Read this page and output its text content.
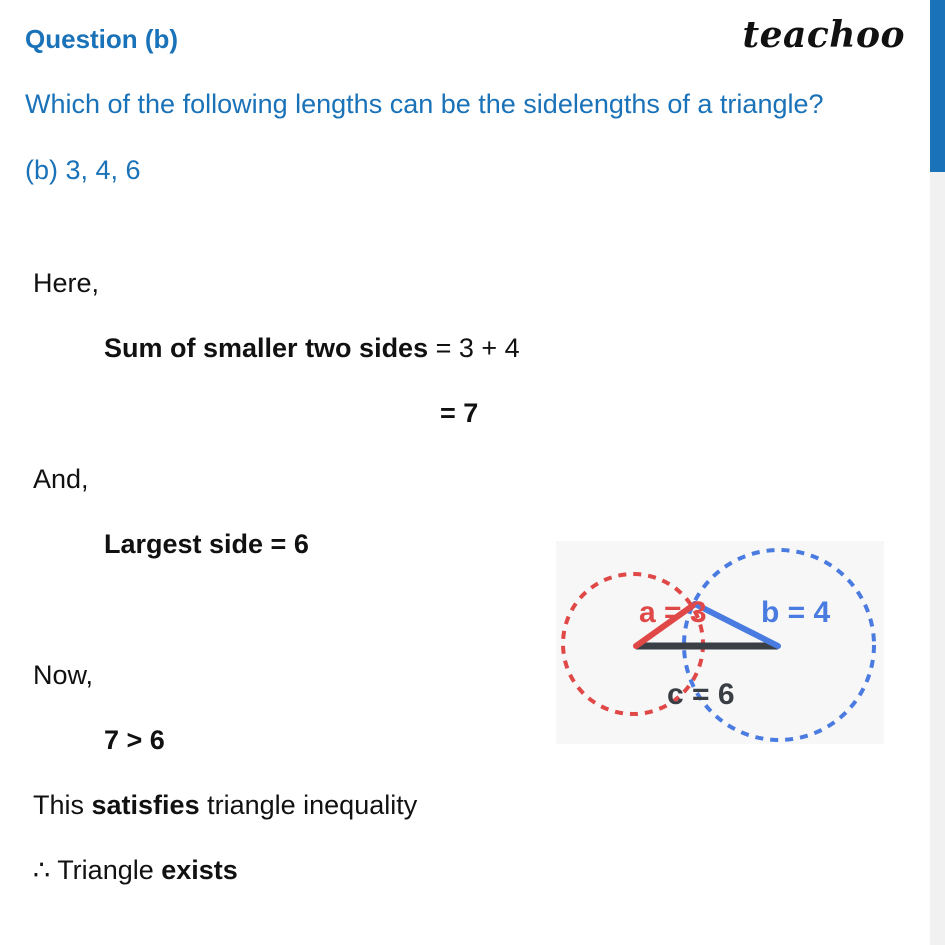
Question (b)	teachoo
Which of the following lengths can be the sidelengths of a triangle?
(b) 3, 4, 6
Here,
Sum of smaller two sides = 3 + 4
= 7
And,
Largest side = 6
Now,
7 > 6
This satisfies triangle inequality
∴ Triangle exists
a = 3 b = 4
c = 6
